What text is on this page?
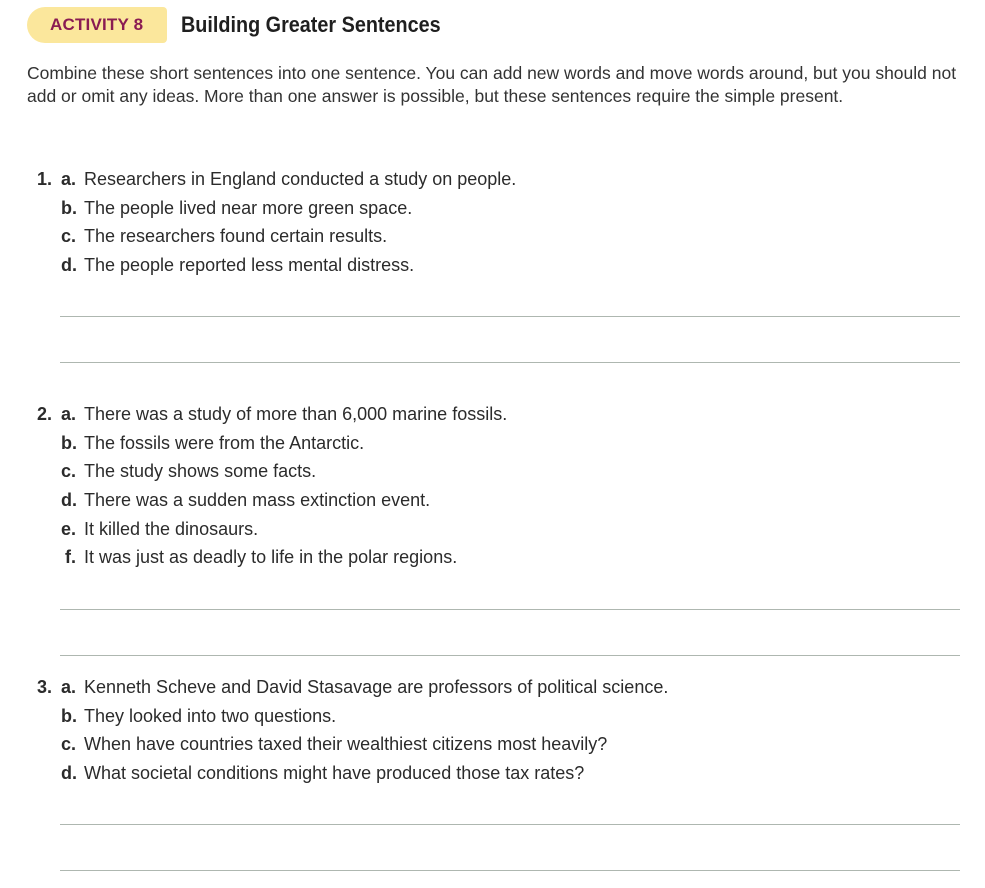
ACTIVITY 8	Building Greater Sentences
Combine these short sentences into one sentence. You can add new words and move words around, but you should not add or omit any ideas. More than one answer is possible, but these sentences require the simple present.
1. a. Researchers in England conducted a study on people.
b. The people lived near more green space.
c. The researchers found certain results.
d. The people reported less mental distress.
2. a. There was a study of more than 6,000 marine fossils.
b. The fossils were from the Antarctic.
c. The study shows some facts.
d. There was a sudden mass extinction event.
e. It killed the dinosaurs.
f. It was just as deadly to life in the polar regions.
3. a. Kenneth Scheve and David Stasavage are professors of political science.
b. They looked into two questions.
c. When have countries taxed their wealthiest citizens most heavily?
d. What societal conditions might have produced those tax rates?
